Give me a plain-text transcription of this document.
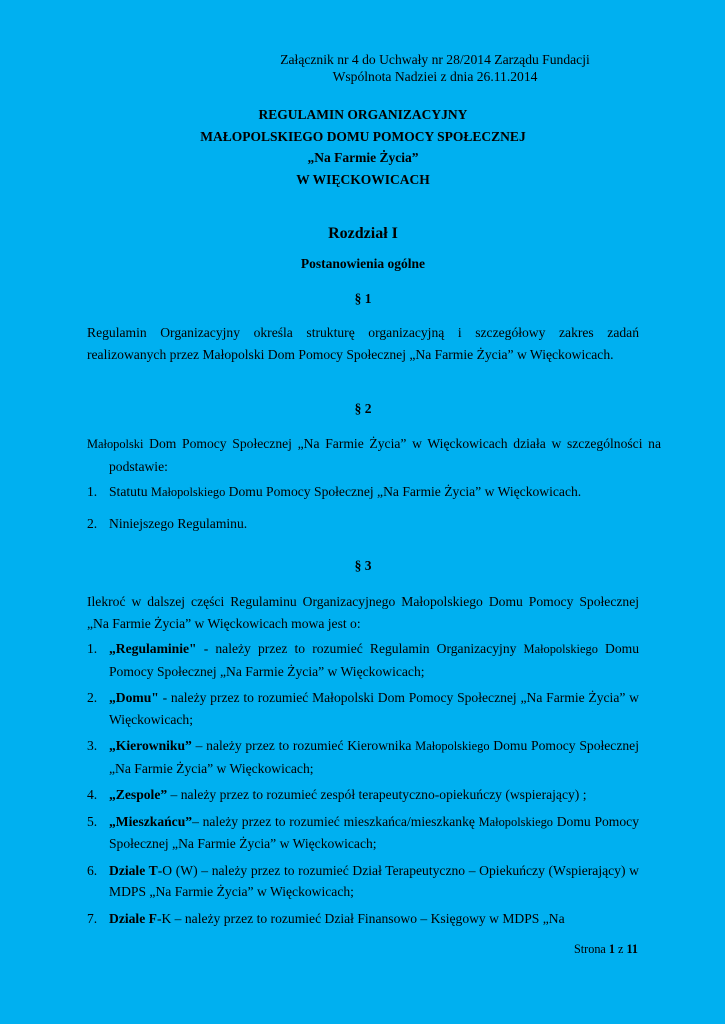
Załącznik nr 4 do Uchwały nr 28/2014 Zarządu Fundacji
Wspólnota Nadziei z dnia 26.11.2014
REGULAMIN ORGANIZACYJNY
MAŁOPOLSKIEGO DOMU POMOCY SPOŁECZNEJ
„Na Farmie Życia”
W WIĘCKOWICACH
Rozdział I
Postanowienia ogólne
§ 1
Regulamin Organizacyjny określa strukturę organizacyjną i szczegółowy zakres zadań realizowanych przez Małopolski Dom Pomocy Społecznej „Na Farmie Życia” w Więckowicach.
§ 2
Małopolski Dom Pomocy Społecznej „Na Farmie Życia” w Więckowicach działa w szczególności na podstawie:
1. Statutu Małopolskiego Domu Pomocy Społecznej „Na Farmie Życia” w Więckowicach.
2. Niniejszego Regulaminu.
§ 3
Ilekroć w dalszej części Regulaminu Organizacyjnego Małopolskiego Domu Pomocy Społecznej „Na Farmie Życia” w Więckowicach mowa jest o:
1. „Regulaminie" - należy przez to rozumieć Regulamin Organizacyjny Małopolskiego Domu Pomocy Społecznej „Na Farmie Życia” w Więckowicach;
2. „Domu" - należy przez to rozumieć Małopolski Dom Pomocy Społecznej „Na Farmie Życia” w Więckowicach;
3. „Kierowniku” – należy przez to rozumieć Kierownika Małopolskiego Domu Pomocy Społecznej „Na Farmie Życia” w Więckowicach;
4. „Zespole” – należy przez to rozumieć zespół terapeutyczno-opiekuńczy (wspierający) ;
5. „Mieszkańcu”– należy przez to rozumieć mieszkańca/mieszkankę Małopolskiego Domu Pomocy Społecznej „Na Farmie Życia” w Więckowicach;
6. Dziale T-O (W) – należy przez to rozumieć Dział Terapeutyczno – Opiekuńczy (Wspierający) w MDPS „Na Farmie Życia” w Więckowicach;
7. Dziale F-K – należy przez to rozumieć Dział Finansowo – Księgowy w MDPS „Na
Strona 1 z 11
